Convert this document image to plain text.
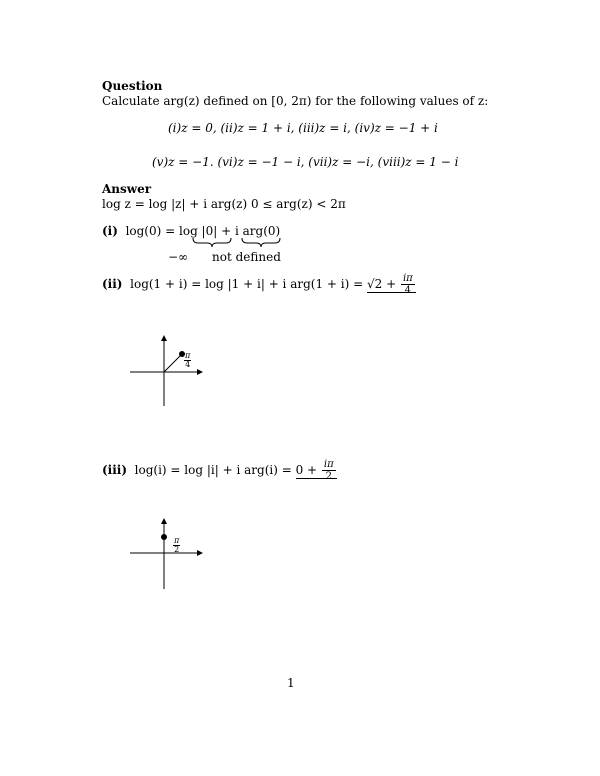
Question
Calculate arg(z) defined on [0, 2π) for the following values of z:
(i)z = 0, (ii)z = 1 + i, (iii)z = i, (iv)z = −1 + i
(v)z = −1. (vi)z = −1 − i, (vii)z = −i, (viii)z = 1 − i
Answer
log z = log |z| + i arg(z) 0 ≤ arg(z) < 2π
(i) log(0) = log |0| + i arg(0)
−∞ not defined
(ii) log(1 + i) = log |1 + i| + i $arg(1 + i) = √2 + \frac{i\pi}{4}$
π
4
(iii) log(i) = log |i| + i $arg(i) = 0 + \frac{i\pi}{2}$
π
2
1
